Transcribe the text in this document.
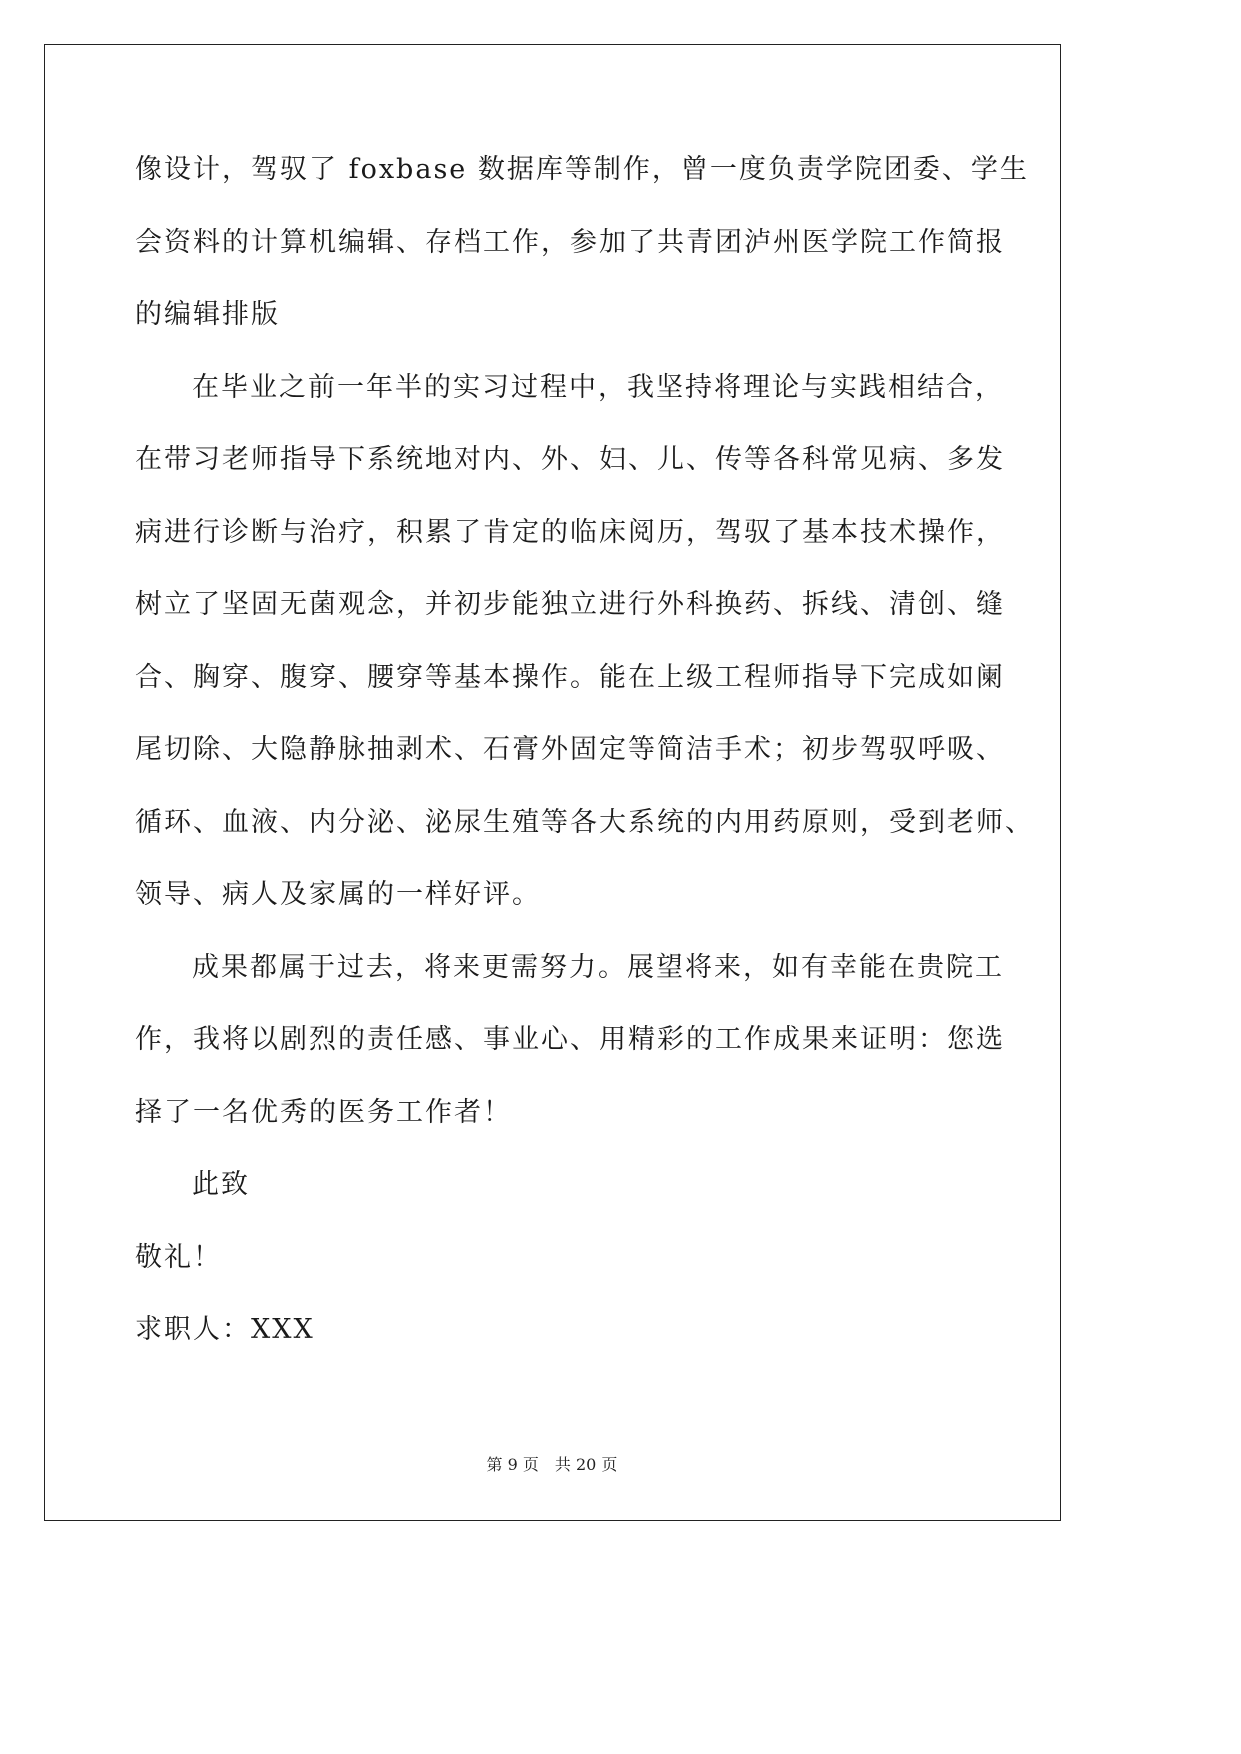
像设计，驾驭了 foxbase 数据库等制作，曾一度负责学院团委、学生
会资料的计算机编辑、存档工作，参加了共青团泸州医学院工作简报
的编辑排版
在毕业之前一年半的实习过程中，我坚持将理论与实践相结合，
在带习老师指导下系统地对内、外、妇、儿、传等各科常见病、多发
病进行诊断与治疗，积累了肯定的临床阅历，驾驭了基本技术操作，
树立了坚固无菌观念，并初步能独立进行外科换药、拆线、清创、缝
合、胸穿、腹穿、腰穿等基本操作。能在上级工程师指导下完成如阑
尾切除、大隐静脉抽剥术、石膏外固定等简洁手术；初步驾驭呼吸、
循环、血液、内分泌、泌尿生殖等各大系统的内用药原则，受到老师、
领导、病人及家属的一样好评。
成果都属于过去，将来更需努力。展望将来，如有幸能在贵院工
作，我将以剧烈的责任感、事业心、用精彩的工作成果来证明：您选
择了一名优秀的医务工作者！
此致
敬礼！
求职人：XXX
第 9 页　共 20 页
